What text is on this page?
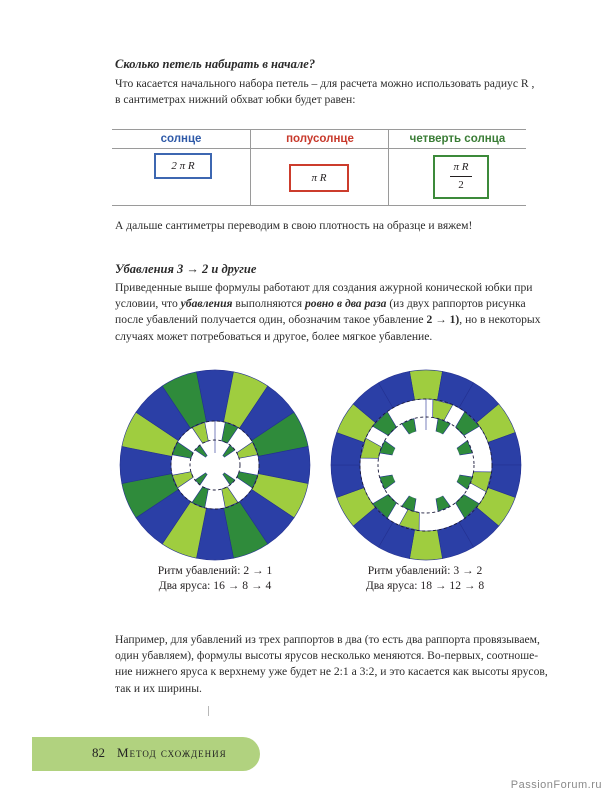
Сколько петель набирать в начале?
Что касается начального набора петель – для расчета можно использовать радиус R ,
в сантиметрах нижний обхват юбки будет равен:
солнце
2 π R
полусолнце
π R
четверть солнца
π R
2
А дальше сантиметры переводим в свою плотность на образце и вяжем!
Убавления 3 → 2 и другие
Приведенные выше формулы работают для создания ажурной конической юбки при
условии, что убавления выполняются ровно в два раза (из двух раппортов рисунка
после убавлений получается один, обозначим такое убавление 2 → 1), но в некоторых
случаях может потребоваться и другое, более мягкое убавление.
Ритм убавлений: 2 → 1
Два яруса: 16 → 8 → 4
Ритм убавлений: 3 → 2
Два яруса: 18 → 12 → 8
Например, для убавлений из трех раппортов в два (то есть два раппорта провязываем,
один убавляем), формулы высоты ярусов несколько меняются. Во-первых, соотноше-
ние нижнего яруса к верхнему уже будет не 2:1 а 3:2, и это касается как высоты ярусов,
так и их ширины.
82 Метод схождения
PassionForum.ru
